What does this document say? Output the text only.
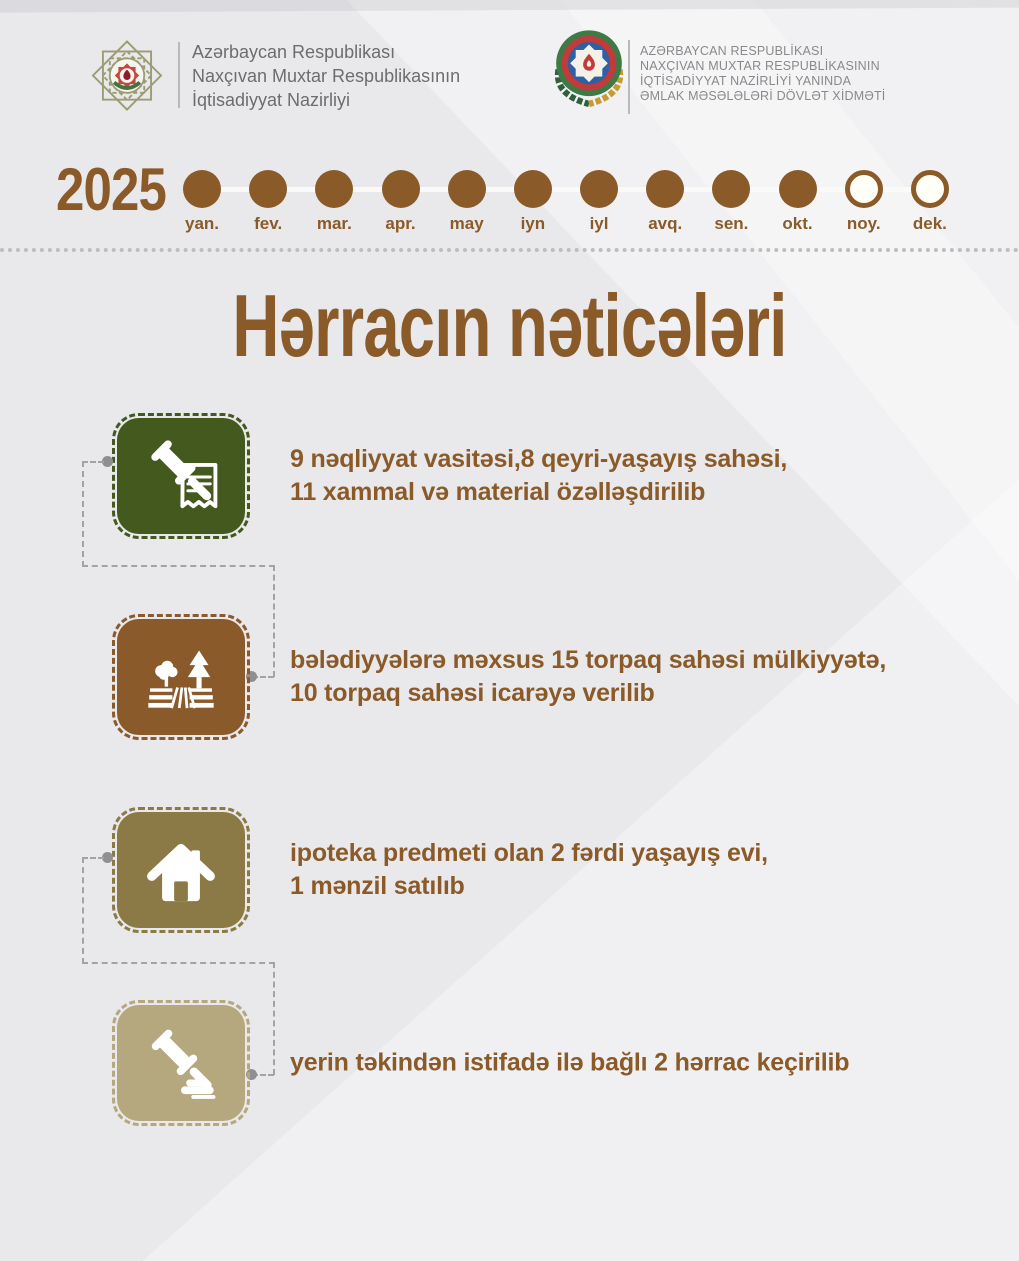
Azərbaycan Respublikası
Naxçıvan Muxtar Respublikasının
İqtisadiyyat Nazirliyi
AZƏRBAYCAN RESPUBLİKASI
NAXÇIVAN MUXTAR RESPUBLİKASININ
İQTİSADİYYAT NAZİRLİYİ YANINDA
ƏMLAK MƏSƏLƏLƏRİ DÖVLƏT XİDMƏTİ
2025
yan.	fev.	mar.	apr.	may	iyn	iyl	avq.	sen.	okt.	noy.	dek.
Hərracın nəticələri
9 nəqliyyat vasitəsi,8 qeyri-yaşayış sahəsi,
11 xammal və material özəlləşdirilib
bələdiyyələrə məxsus 15 torpaq sahəsi mülkiyyətə,
10 torpaq sahəsi icarəyə verilib
ipoteka predmeti olan 2 fərdi yaşayış evi,
1 mənzil satılıb
yerin təkindən istifadə ilə bağlı 2 hərrac keçirilib
